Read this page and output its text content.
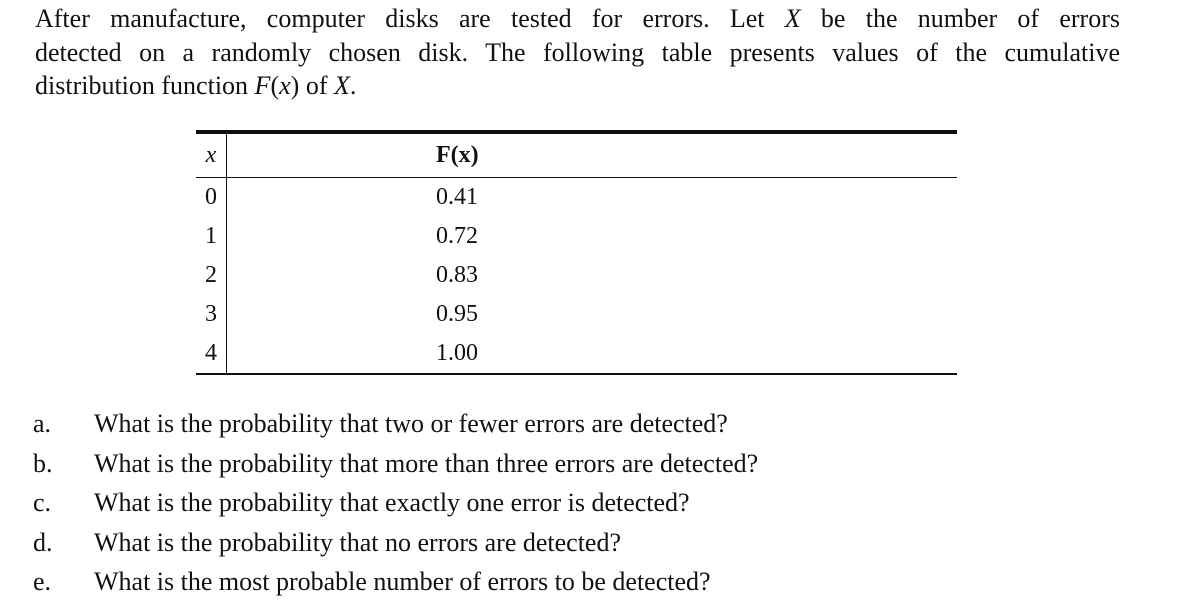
After manufacture, computer disks are tested for errors. Let X be the number of errors
detected on a randomly chosen disk. The following table presents values of the cumulative
distribution function F(x) of X.
x	F(x)
0	0.41
1	0.72
2	0.83
3	0.95
4	1.00
a. What is the probability that two or fewer errors are detected?
b. What is the probability that more than three errors are detected?
c. What is the probability that exactly one error is detected?
d. What is the probability that no errors are detected?
e. What is the most probable number of errors to be detected?
